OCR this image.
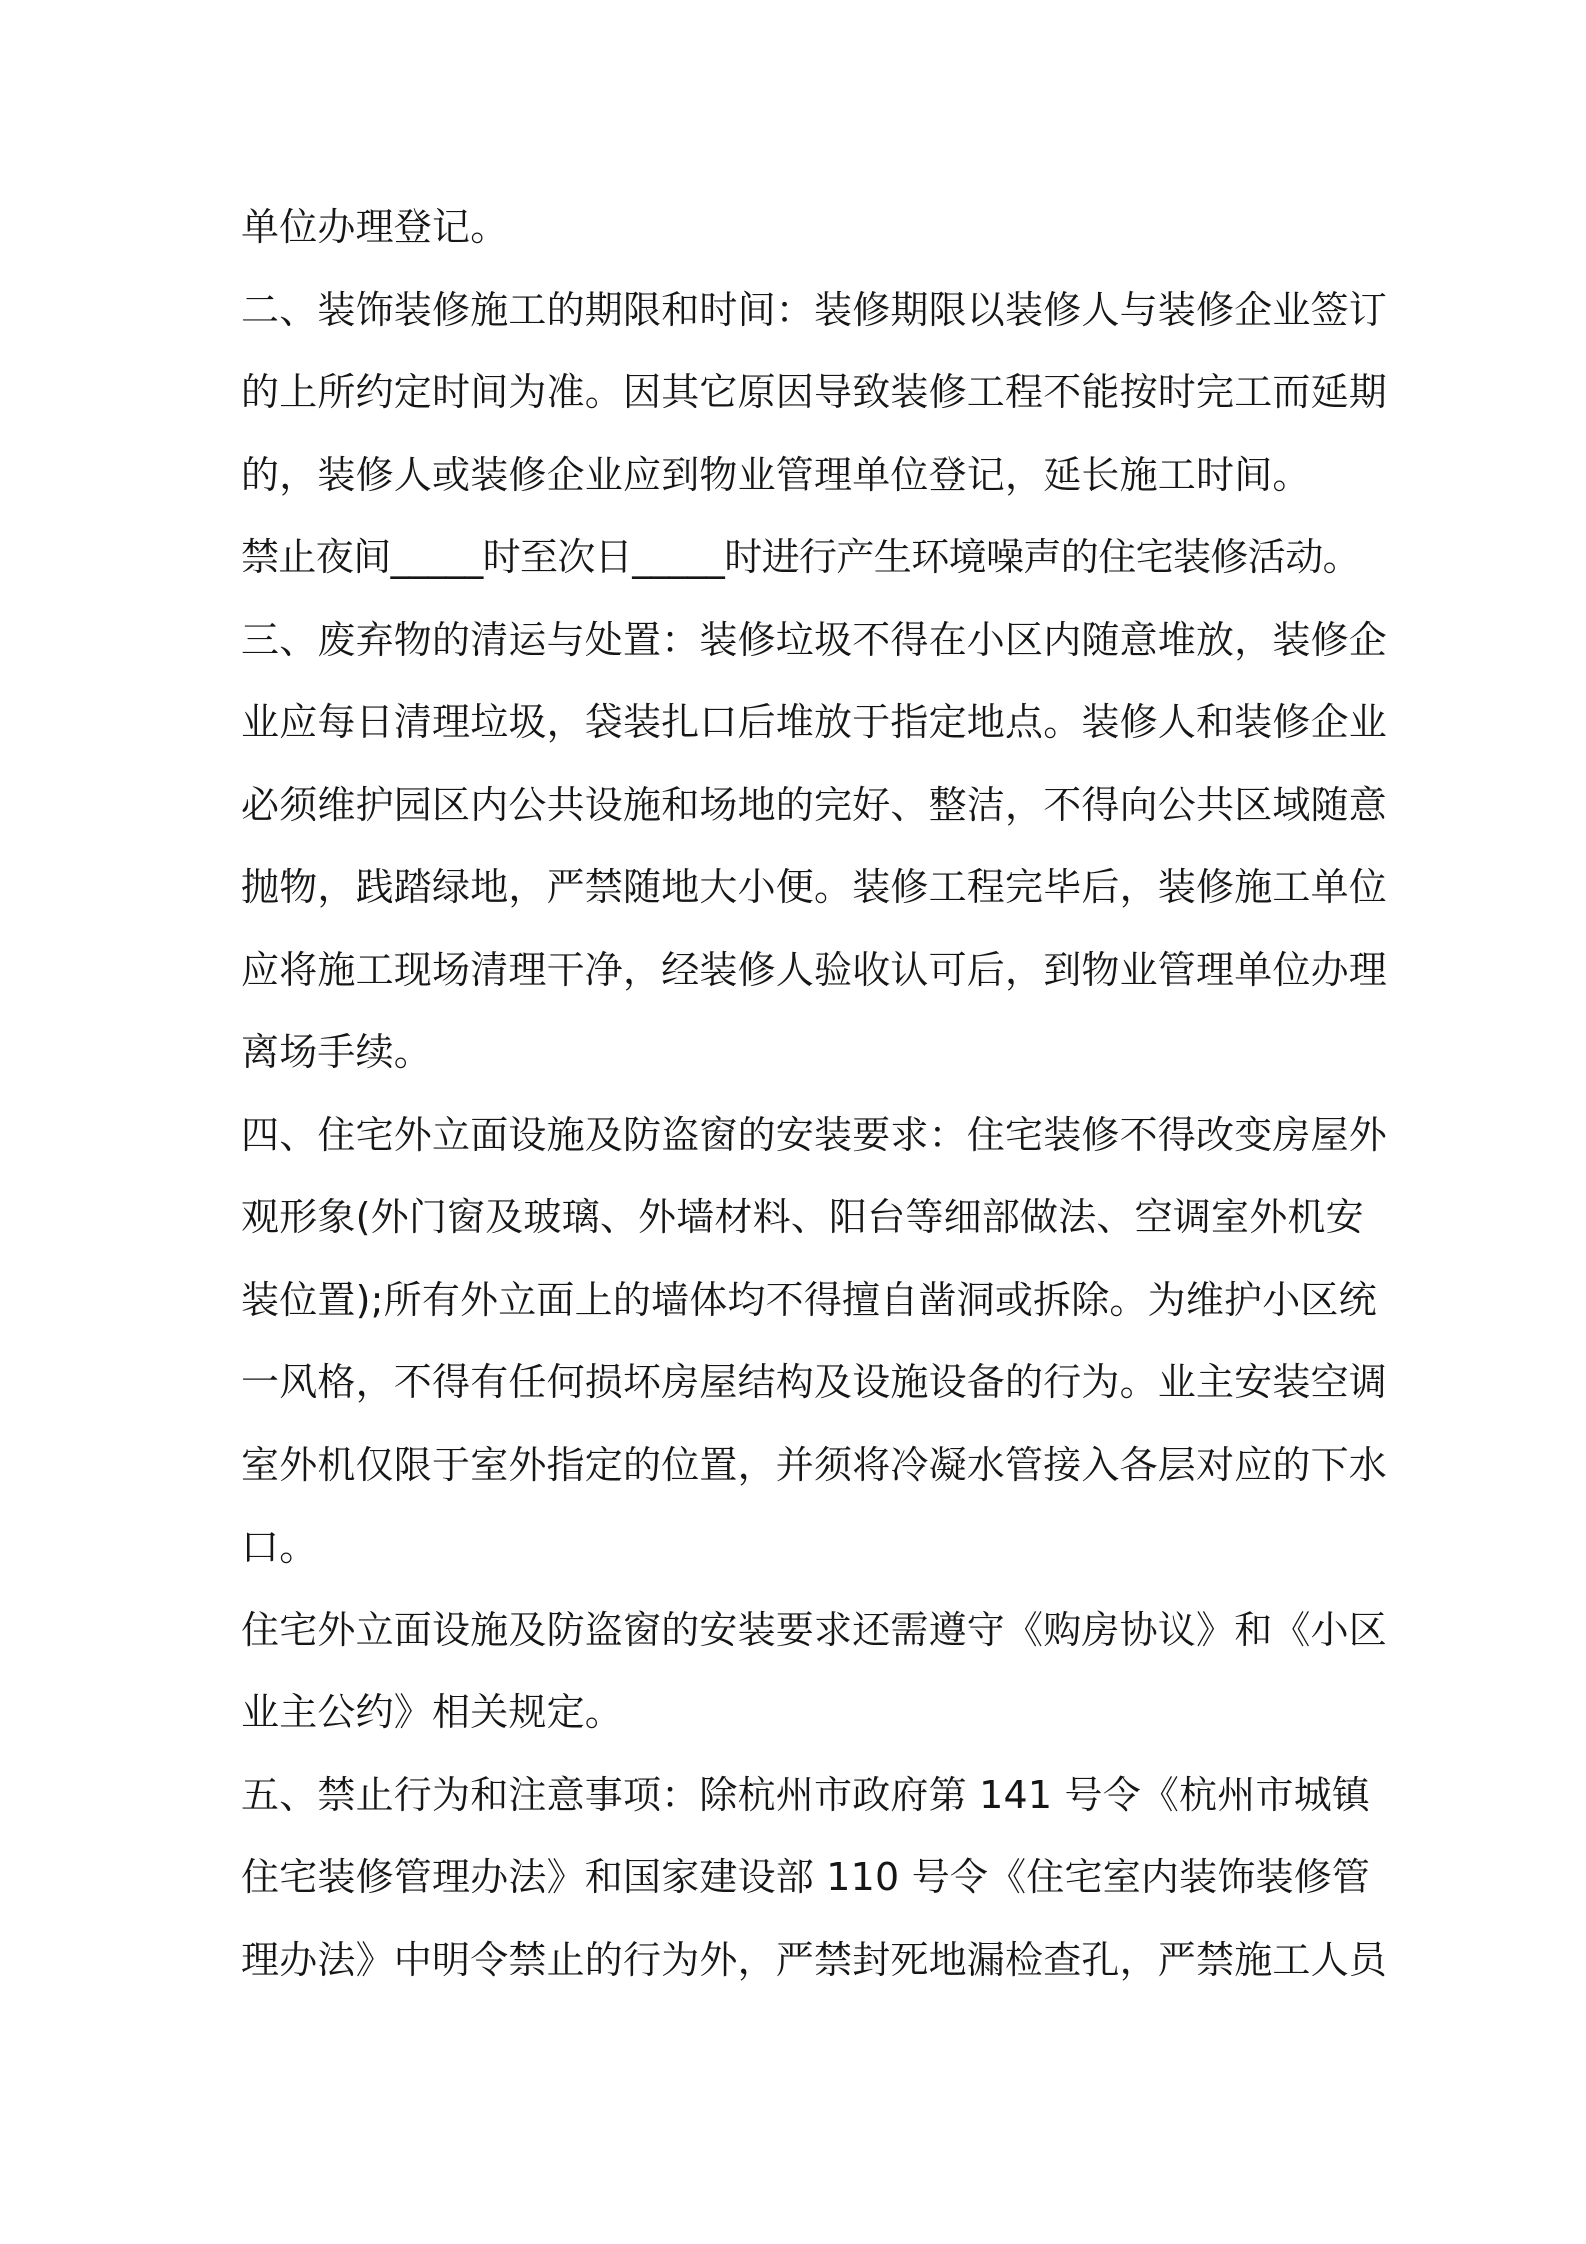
单位办理登记。
二、装饰装修施工的期限和时间：装修期限以装修人与装修企业签订
的上所约定时间为准。因其它原因导致装修工程不能按时完工而延期
的，装修人或装修企业应到物业管理单位登记，延长施工时间。
禁止夜间_____时至次日_____时进行产生环境噪声的住宅装修活动。
三、废弃物的清运与处置：装修垃圾不得在小区内随意堆放，装修企
业应每日清理垃圾，袋装扎口后堆放于指定地点。装修人和装修企业
必须维护园区内公共设施和场地的完好、整洁，不得向公共区域随意
抛物，践踏绿地，严禁随地大小便。装修工程完毕后，装修施工单位
应将施工现场清理干净，经装修人验收认可后，到物业管理单位办理
离场手续。
四、住宅外立面设施及防盗窗的安装要求：住宅装修不得改变房屋外
观形象(外门窗及玻璃、外墙材料、阳台等细部做法、空调室外机安
装位置);所有外立面上的墙体均不得擅自凿洞或拆除。为维护小区统
一风格，不得有任何损坏房屋结构及设施设备的行为。业主安装空调
室外机仅限于室外指定的位置，并须将冷凝水管接入各层对应的下水
口。
住宅外立面设施及防盗窗的安装要求还需遵守《购房协议》和《小区
业主公约》相关规定。
五、禁止行为和注意事项：除杭州市政府第 141 号令《杭州市城镇
住宅装修管理办法》和国家建设部 110 号令《住宅室内装饰装修管
理办法》中明令禁止的行为外，严禁封死地漏检查孔，严禁施工人员
